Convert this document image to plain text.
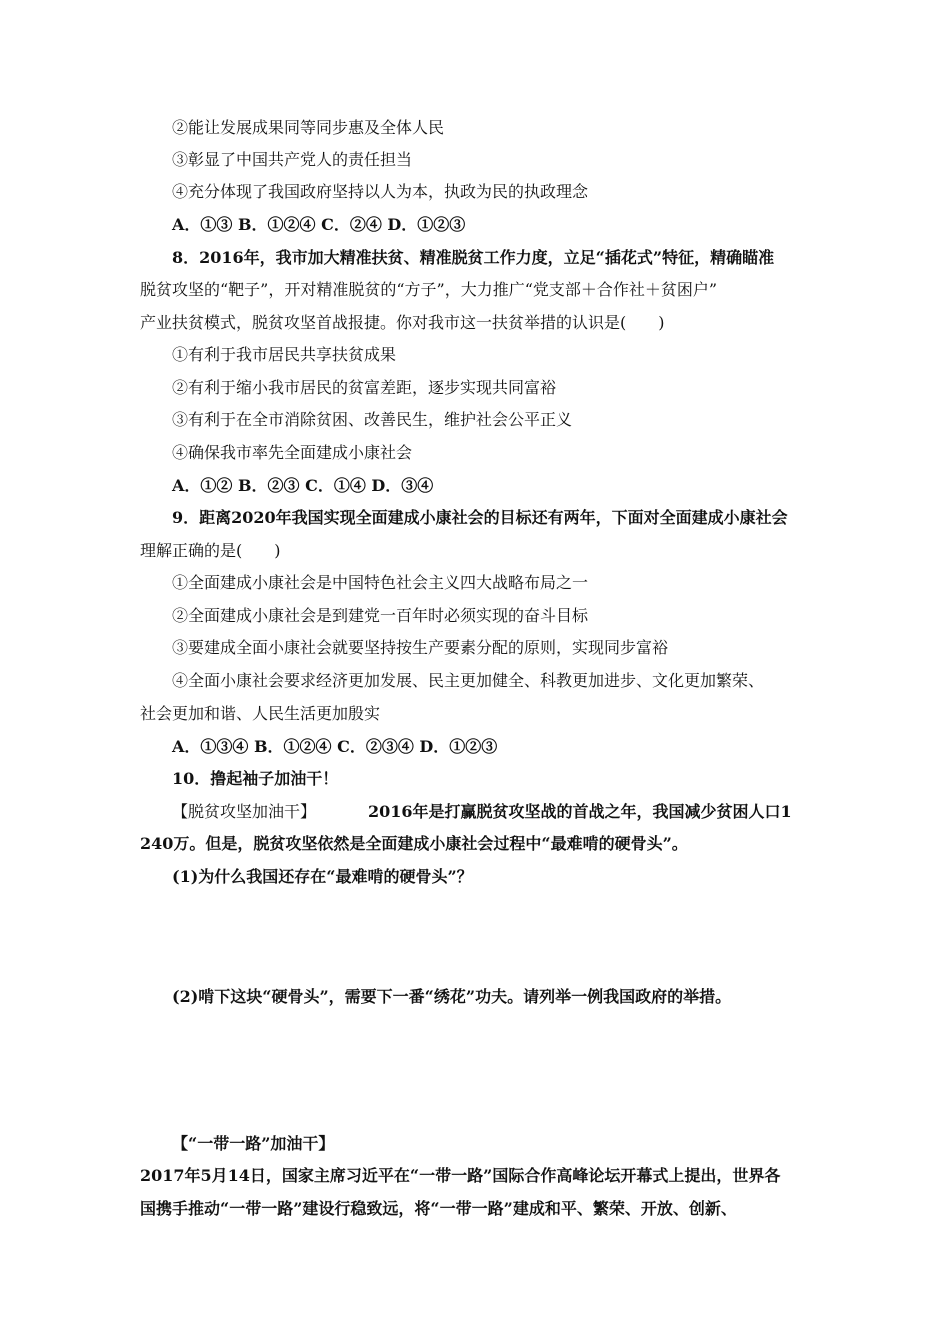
②能让发展成果同等同步惠及全体人民
③彰显了中国共产党人的责任担当
④充分体现了我国政府坚持以人为本，执政为民的执政理念
A．①③ B．①②④ C．②④ D．①②③
8．2016年，我市加大精准扶贫、精准脱贫工作力度，立足“插花式”特征，精确瞄准
脱贫攻坚的“靶子”，开对精准脱贫的“方子”，大力推广“党支部＋合作社＋贫困户”
产业扶贫模式，脱贫攻坚首战报捷。你对我市这一扶贫举措的认识是(　　)
①有利于我市居民共享扶贫成果
②有利于缩小我市居民的贫富差距，逐步实现共同富裕
③有利于在全市消除贫困、改善民生，维护社会公平正义
④确保我市率先全面建成小康社会
A．①② B．②③ C．①④ D．③④
9．距离2020年我国实现全面建成小康社会的目标还有两年，下面对全面建成小康社会
理解正确的是(　　)
①全面建成小康社会是中国特色社会主义四大战略布局之一
②全面建成小康社会是到建党一百年时必须实现的奋斗目标
③要建成全面小康社会就要坚持按生产要素分配的原则，实现同步富裕
④全面小康社会要求经济更加发展、民主更加健全、科教更加进步、文化更加繁荣、
社会更加和谐、人民生活更加殷实
A．①③④ B．①②④ C．②③④ D．①②③
10．撸起袖子加油干！
【脱贫攻坚加油干】	2016年是打赢脱贫攻坚战的首战之年，我国减少贫困人口1
240万。但是，脱贫攻坚依然是全面建成小康社会过程中“最难啃的硬骨头”。
(1)为什么我国还存在“最难啃的硬骨头”？
(2)啃下这块“硬骨头”，需要下一番“绣花”功夫。请列举一例我国政府的举措。
【“一带一路”加油干】
2017年5月14日，国家主席习近平在“一带一路”国际合作高峰论坛开幕式上提出，世界各
国携手推动“一带一路”建设行稳致远，将“一带一路”建成和平、繁荣、开放、创新、
